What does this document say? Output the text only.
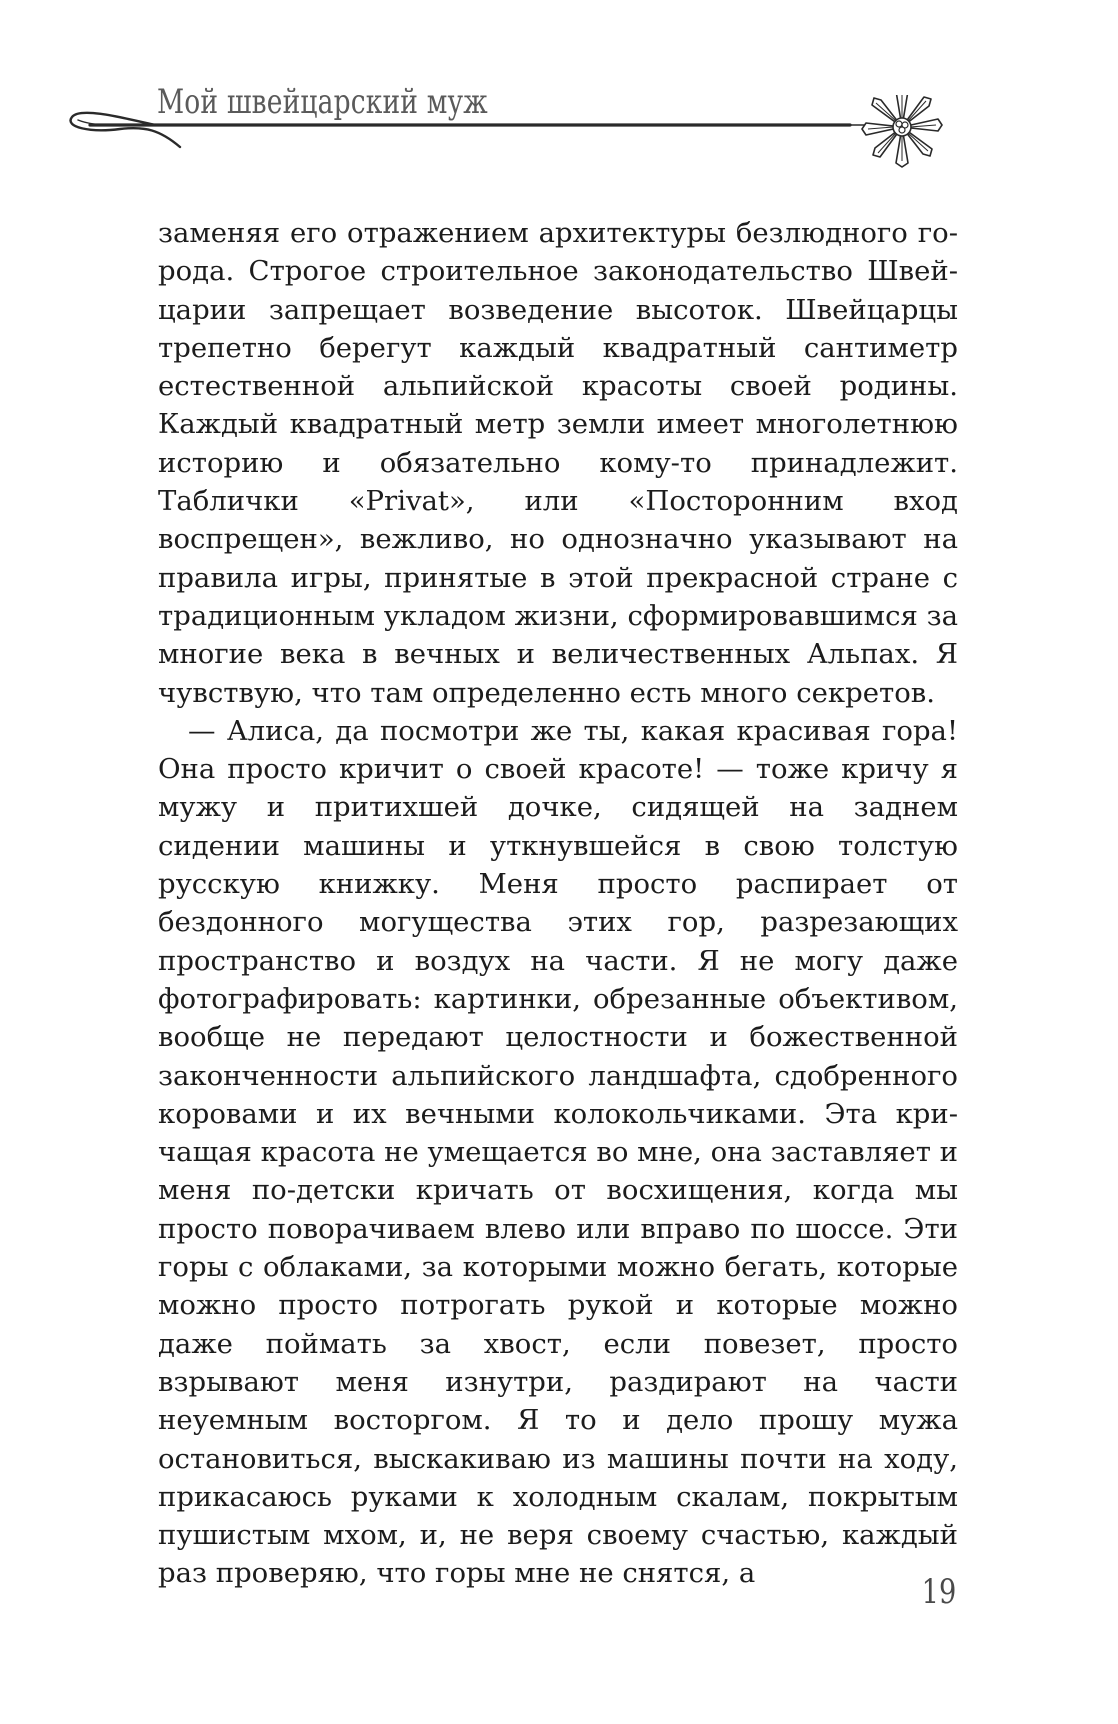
Мой швейцарский муж

заменяя его отражением архитектуры безлюдного города. Строгое строительное законодательство Швейцарии запрещает возведение высоток. Швейцарцы трепетно берегут каждый квадратный сантиметр естественной альпийской красоты своей родины. Каждый квадратный метр земли имеет многолетнюю историю и обязательно кому-то принадлежит. Таблички «Privat», или «Посторонним вход воспрещен», вежливо, но однозначно указывают на правила игры, принятые в этой прекрасной стране с традиционным укладом жизни, сформировавшимся за многие века в вечных и величественных Альпах. Я чувствую, что там определенно есть много секретов.

— Алиса, да посмотри же ты, какая красивая гора! Она просто кричит о своей красоте! — тоже кричу я мужу и притихшей дочке, сидящей на заднем сидении машины и уткнувшейся в свою толстую русскую книжку. Меня просто распирает от бездонного могущества этих гор, разрезающих пространство и воздух на части. Я не могу даже фотографировать: картинки, обрезанные объективом, вообще не передают целостности и божественной законченности альпийского ландшафта, сдобренного коровами и их вечными колокольчиками. Эта кричащая красота не умещается во мне, она заставляет и меня по-детски кричать от восхищения, когда мы просто поворачиваем влево или вправо по шоссе. Эти горы с облаками, за которыми можно бегать, которые можно просто потрогать рукой и которые можно даже поймать за хвост, если повезет, просто взрывают меня изнутри, раздирают на части неуемным восторгом. Я то и дело прошу мужа остановиться, выскакиваю из машины почти на ходу, прикасаюсь руками к холодным скалам, покрытым пушистым мхом, и, не веря своему счастью, каждый раз проверяю, что горы мне не снятся, а	19
